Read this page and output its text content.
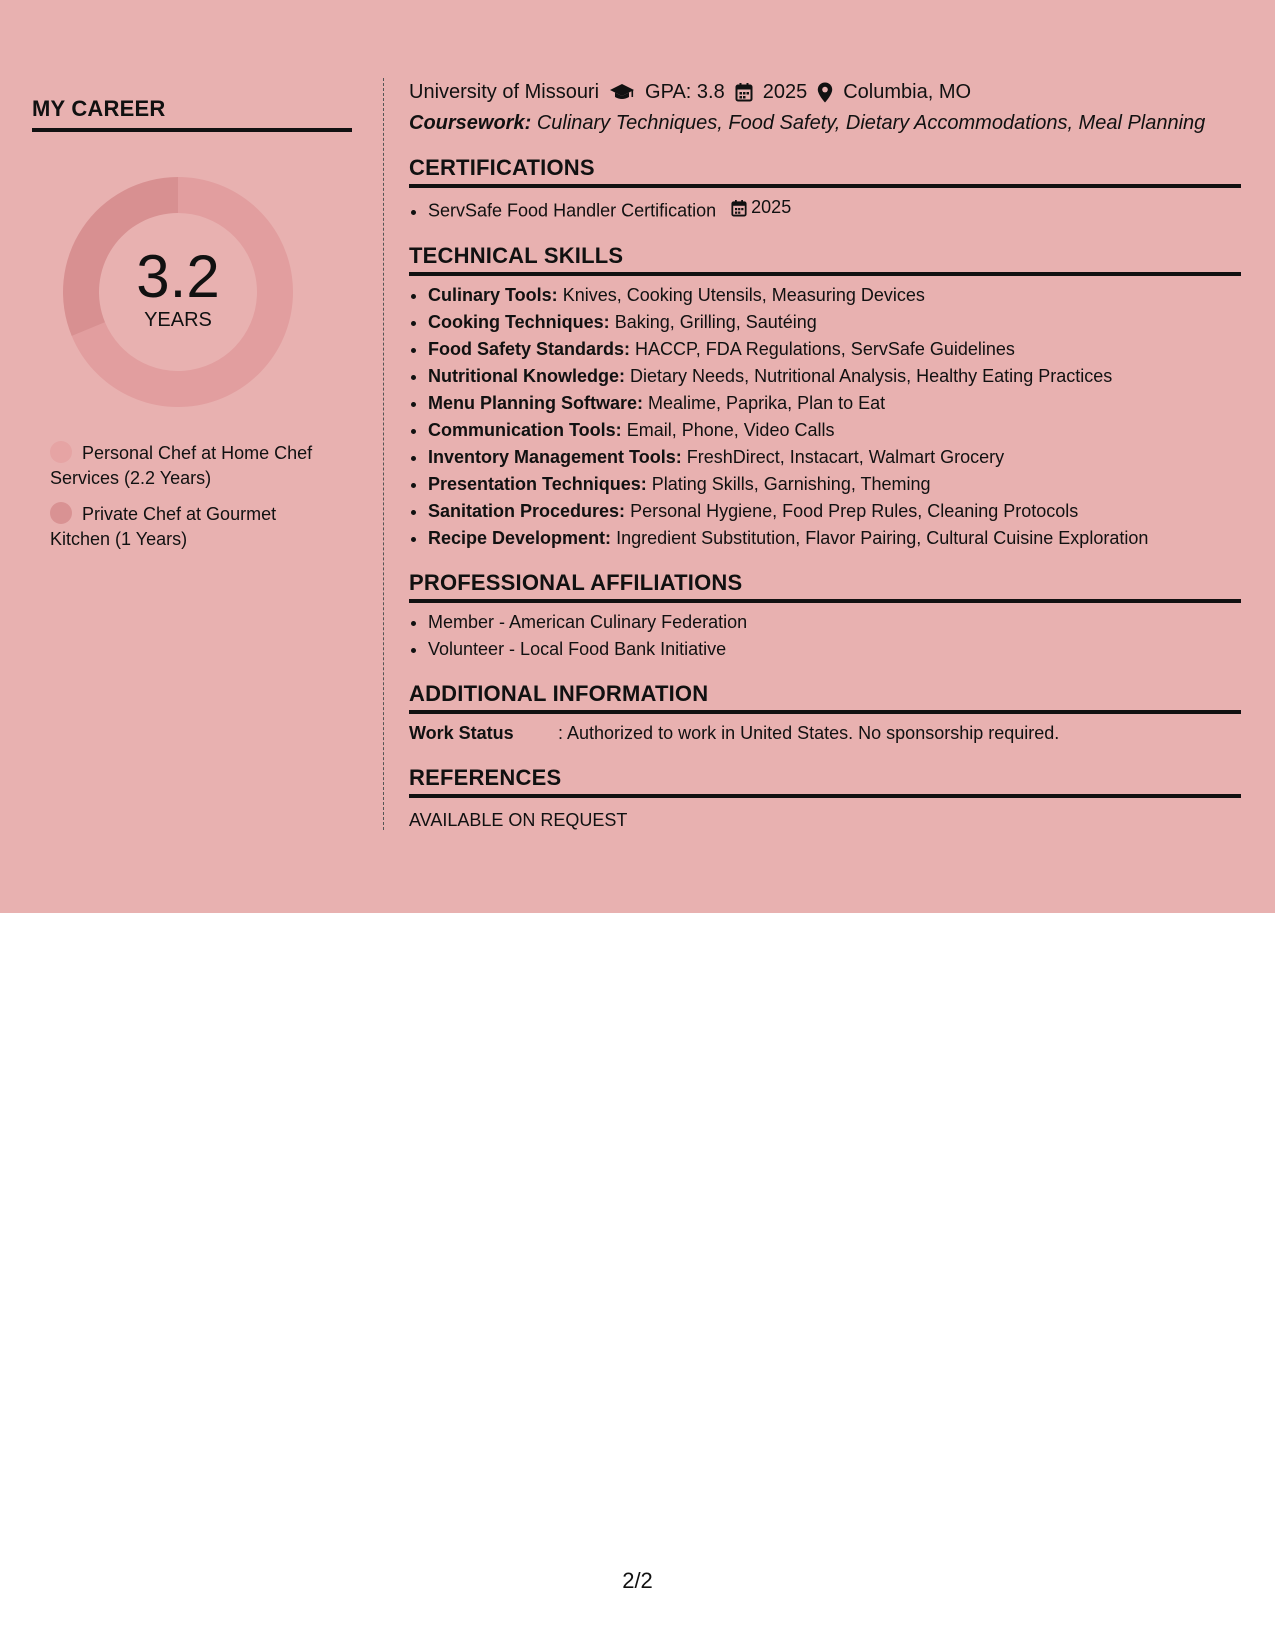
MY CAREER
3.2
YEARS
Personal Chef at Home Chef Services (2.2 Years)
Private Chef at Gourmet Kitchen (1 Years)
University of Missouri GPA: 3.8 2025 Columbia, MO
Coursework: Culinary Techniques, Food Safety, Dietary Accommodations, Meal Planning
CERTIFICATIONS
• ServSafe Food Handler Certification 2025
TECHNICAL SKILLS
• Culinary Tools: Knives, Cooking Utensils, Measuring Devices
• Cooking Techniques: Baking, Grilling, Sautéing
• Food Safety Standards: HACCP, FDA Regulations, ServSafe Guidelines
• Nutritional Knowledge: Dietary Needs, Nutritional Analysis, Healthy Eating Practices
• Menu Planning Software: Mealime, Paprika, Plan to Eat
• Communication Tools: Email, Phone, Video Calls
• Inventory Management Tools: FreshDirect, Instacart, Walmart Grocery
• Presentation Techniques: Plating Skills, Garnishing, Theming
• Sanitation Procedures: Personal Hygiene, Food Prep Rules, Cleaning Protocols
• Recipe Development: Ingredient Substitution, Flavor Pairing, Cultural Cuisine Exploration
PROFESSIONAL AFFILIATIONS
• Member - American Culinary Federation
• Volunteer - Local Food Bank Initiative
ADDITIONAL INFORMATION
Work Status	: Authorized to work in United States. No sponsorship required.
REFERENCES
AVAILABLE ON REQUEST
2/2
